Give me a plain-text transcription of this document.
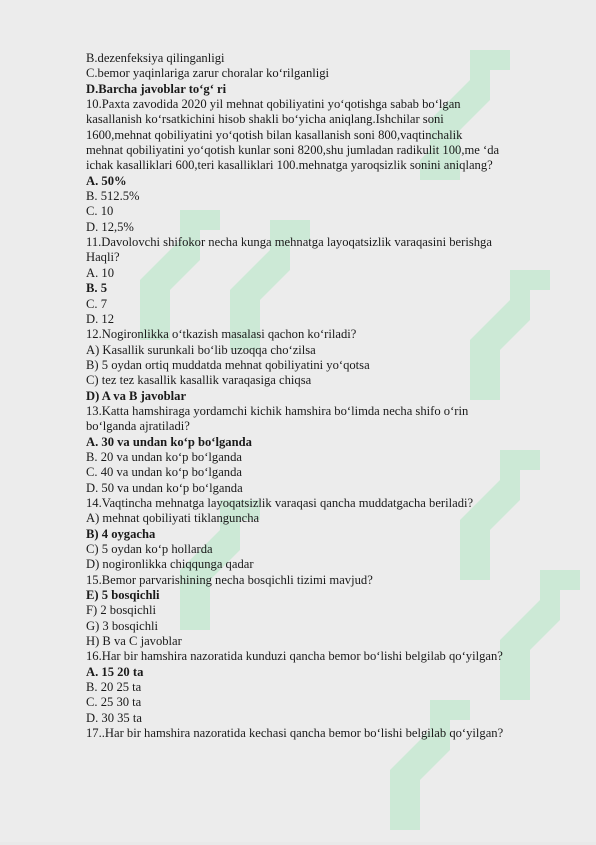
B.dezenfeksiya qilinganligi
C.bemor yaqinlariga zarur choralar ko‘rilganligi
D.Barcha javoblar to‘g‘ ri
10.Paxta zavodida 2020 yil mehnat qobiliyatini yo‘qotishga sabab bo‘lgan
kasallanish ko‘rsatkichini hisob shakli bo‘yicha aniqlang.Ishchilar soni
1600,mehnat qobiliyatini yo‘qotish bilan kasallanish soni 800,vaqtinchalik
mehnat qobiliyatini yo‘qotish kunlar soni 8200,shu jumladan radikulit 100,me ‘da
ichak kasalliklari 600,teri kasalliklari 100.mehnatga yaroqsizlik sonini aniqlang?
A. 50%
B. 512.5%
C. 10
D. 12,5%
11.Davolovchi shifokor necha kunga mehnatga layoqatsizlik varaqasini berishga
Haqli?
A. 10
B. 5
C. 7
D. 12
12.Nogironlikka o‘tkazish masalasi qachon ko‘riladi?
A) Kasallik surunkali bo‘lib uzoqqa cho‘zilsa
B) 5 oydan ortiq muddatda mehnat qobiliyatini yo‘qotsa
C) tez tez kasallik kasallik varaqasiga chiqsa
D) A va B javoblar
13.Katta hamshiraga yordamchi kichik hamshira bo‘limda necha shifo o‘rin
bo‘lganda ajratiladi?
A. 30 va undan ko‘p bo‘lganda
B. 20 va undan ko‘p bo‘lganda
C. 40 va undan ko‘p bo‘lganda
D. 50 va undan ko‘p bo‘lganda
14.Vaqtincha mehnatga layoqatsizlik varaqasi qancha muddatgacha beriladi?
A) mehnat qobiliyati tiklanguncha
B) 4 oygacha
C) 5 oydan ko‘p hollarda
D) nogironlikka chiqqunga qadar
15.Bemor parvarishining necha bosqichli tizimi mavjud?
E) 5 bosqichli
F) 2 bosqichli
G) 3 bosqichli
H) B va C javoblar
16.Har bir hamshira nazoratida kunduzi qancha bemor bo‘lishi belgilab qo‘yilgan?
A. 15 20 ta
B. 20 25 ta
C. 25 30 ta
D. 30 35 ta
17..Har bir hamshira nazoratida kechasi qancha bemor bo‘lishi belgilab qo‘yilgan?
